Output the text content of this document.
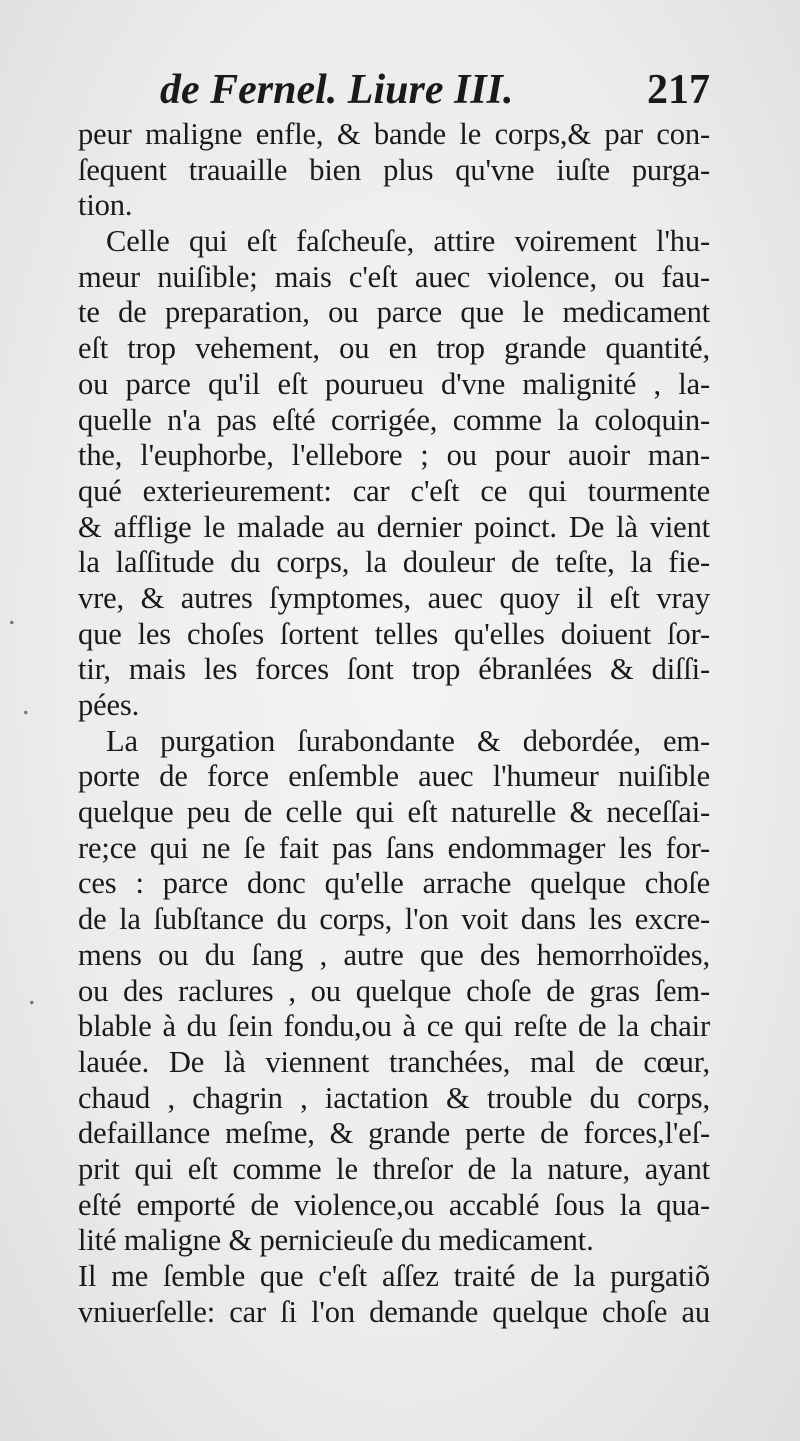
de Fernel. Liure III.	217
peur maligne enfle, & bande le corps,& par con-
ſequent trauaille bien plus qu'vne iuſte purga-
tion.
Celle qui eſt faſcheuſe, attire voirement l'hu-
meur nuiſible; mais c'eſt auec violence, ou fau-
te de preparation, ou parce que le medicament
eſt trop vehement, ou en trop grande quantité,
ou parce qu'il eſt pourueu d'vne malignité , la-
quelle n'a pas eſté corrigée, comme la coloquin-
the, l'euphorbe, l'ellebore ; ou pour auoir man-
qué exterieurement: car c'eſt ce qui tourmente
& afflige le malade au dernier poinct. De là vient
la laſſitude du corps, la douleur de teſte, la fie-
vre, & autres ſymptomes, auec quoy il eſt vray
que les choſes ſortent telles qu'elles doiuent ſor-
tir, mais les forces ſont trop ébranlées & diſſi-
pées.
La purgation ſurabondante & debordée, em-
porte de force enſemble auec l'humeur nuiſible
quelque peu de celle qui eſt naturelle & neceſſai-
re;ce qui ne ſe fait pas ſans endommager les for-
ces : parce donc qu'elle arrache quelque choſe
de la ſubſtance du corps, l'on voit dans les excre-
mens ou du ſang , autre que des hemorrhoïdes,
ou des raclures , ou quelque choſe de gras ſem-
blable à du ſein fondu,ou à ce qui reſte de la chair
lauée. De là viennent tranchées, mal de cœur,
chaud , chagrin , iactation & trouble du corps,
defaillance meſme, & grande perte de forces,l'eſ-
prit qui eſt comme le threſor de la nature, ayant
eſté emporté de violence,ou accablé ſous la qua-
lité maligne & pernicieuſe du medicament.
Il me ſemble que c'eſt aſſez traité de la purgatiõ
vniuerſelle: car ſi l'on demande quelque choſe au
.
.
.
